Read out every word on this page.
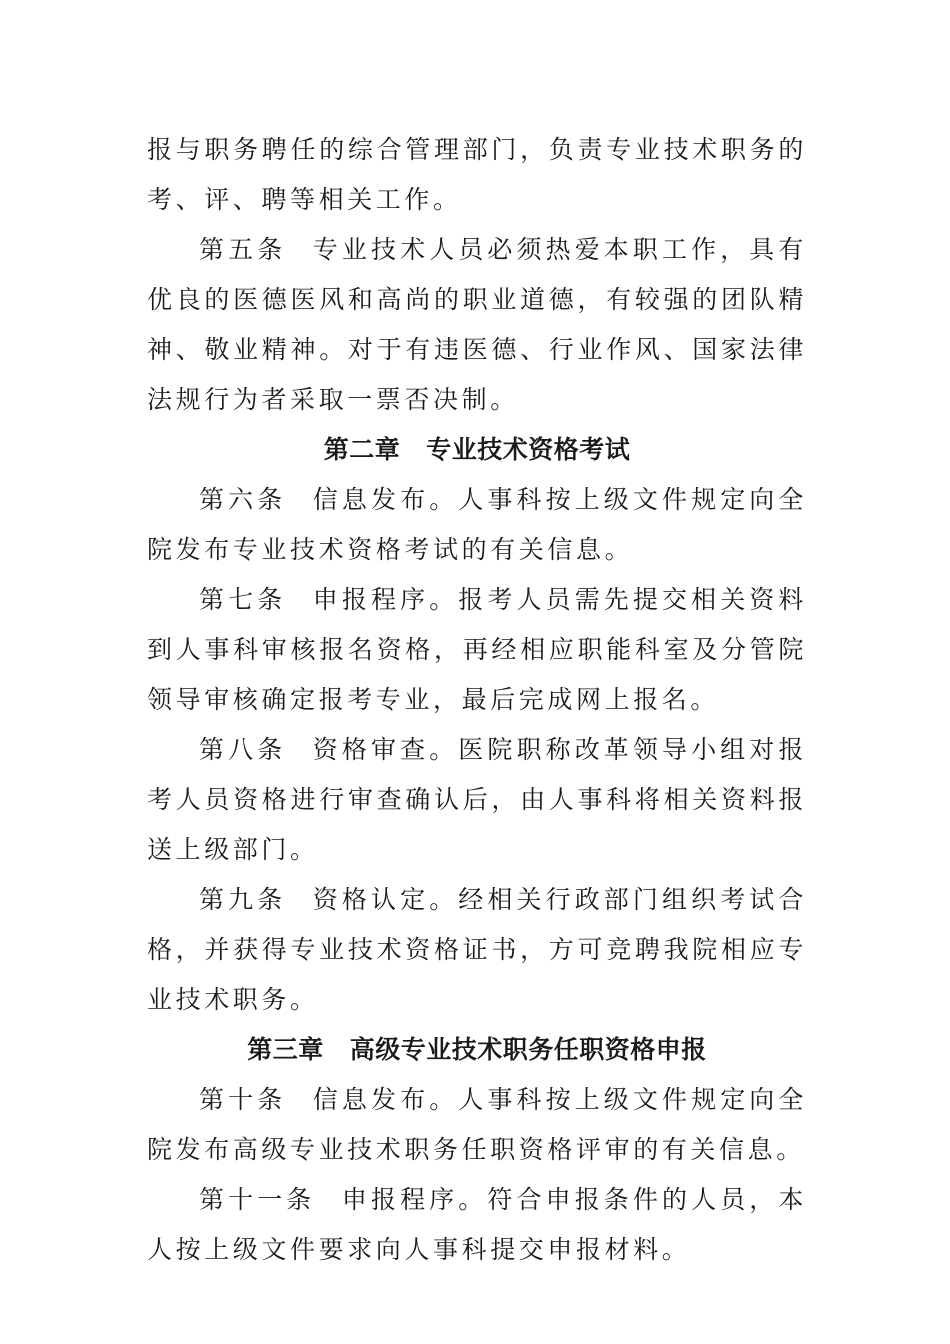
报与职务聘任的综合管理部门，负责专业技术职务的考、评、聘等相关工作。

第五条 专业技术人员必须热爱本职工作，具有优良的医德医风和高尚的职业道德，有较强的团队精神、敬业精神。对于有违医德、行业作风、国家法律法规行为者采取一票否决制。

第二章 专业技术资格考试

第六条 信息发布。人事科按上级文件规定向全院发布专业技术资格考试的有关信息。

第七条 申报程序。报考人员需先提交相关资料到人事科审核报名资格，再经相应职能科室及分管院领导审核确定报考专业，最后完成网上报名。

第八条 资格审查。医院职称改革领导小组对报考人员资格进行审查确认后，由人事科将相关资料报送上级部门。

第九条 资格认定。经相关行政部门组织考试合格，并获得专业技术资格证书，方可竞聘我院相应专业技术职务。

第三章 高级专业技术职务任职资格申报

第十条 信息发布。人事科按上级文件规定向全院发布高级专业技术职务任职资格评审的有关信息。

第十一条 申报程序。符合申报条件的人员，本人按上级文件要求向人事科提交申报材料。
